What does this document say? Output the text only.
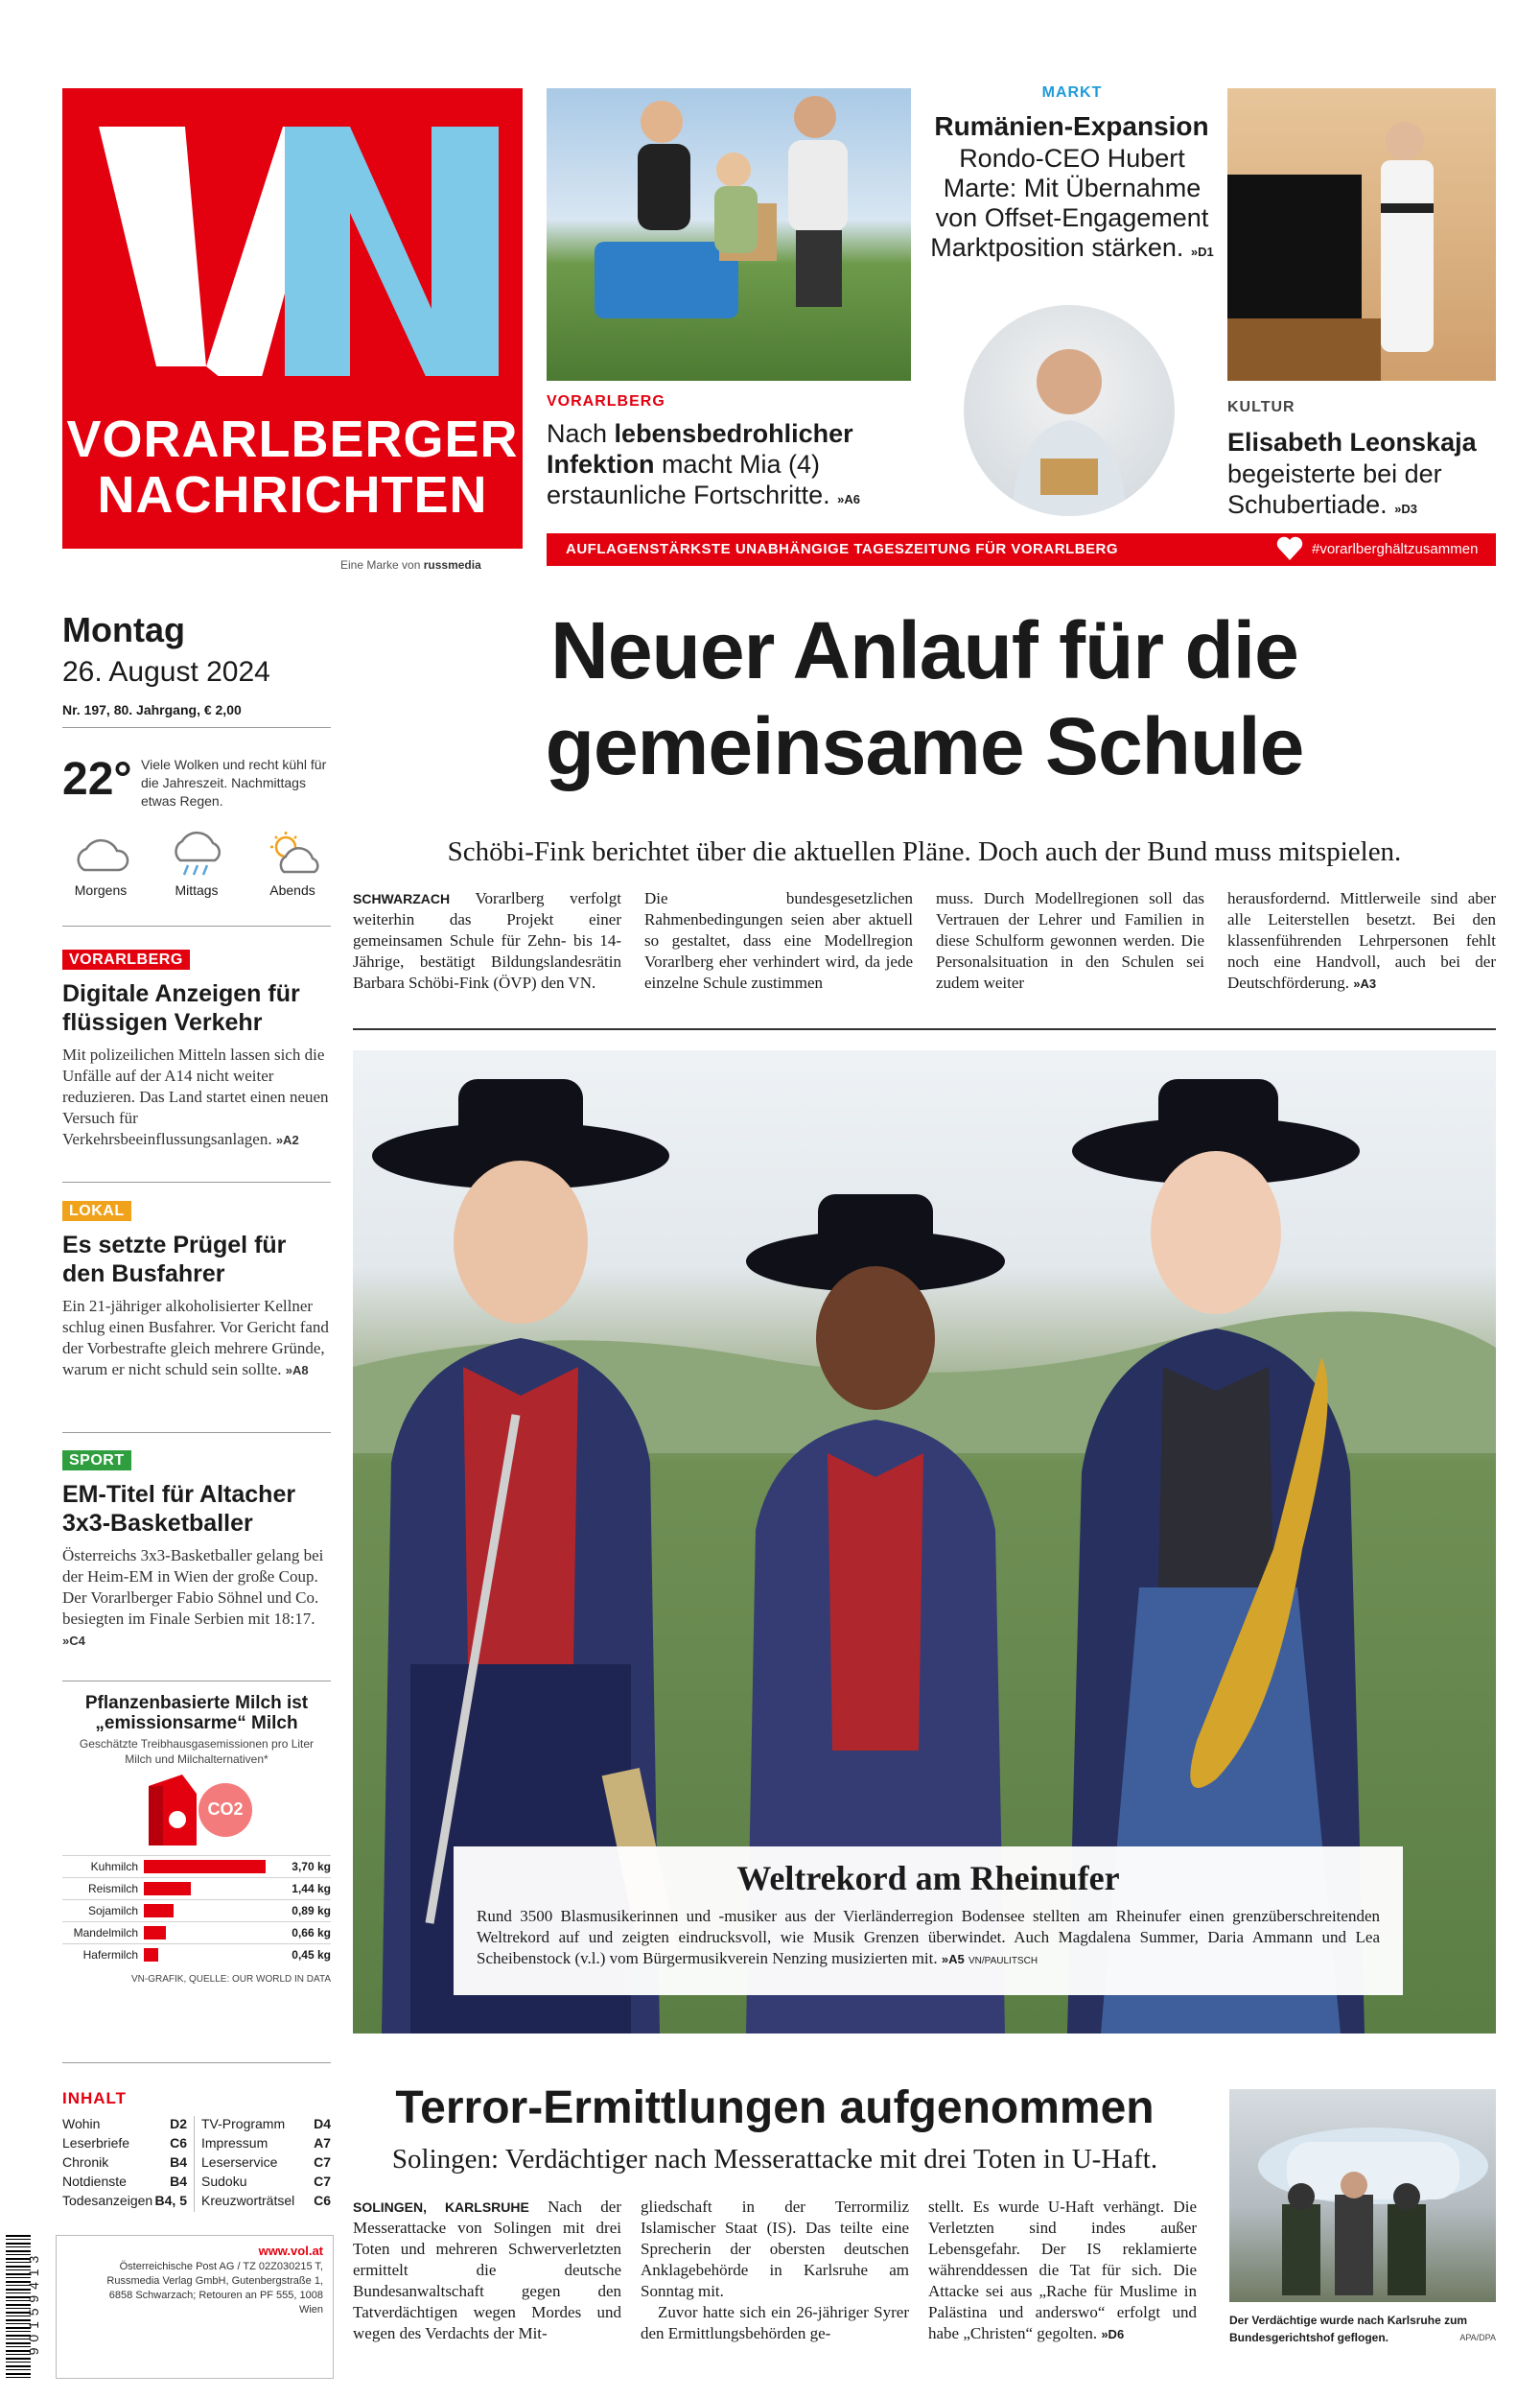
VORARLBERGER
NACHRICHTEN
Eine Marke von russmedia
VORARLBERG
Nach lebensbedrohlicher Infektion macht Mia (4) erstaunliche Fortschritte. »A6
MARKT
Rumänien-Expansion
Rondo-CEO Hubert Marte: Mit Übernahme von Offset-Engagement Marktposition stärken. »D1
KULTUR
Elisabeth Leonskaja
begeisterte bei der Schubertiade. »D3
AUFLAGENSTÄRKSTE UNABHÄNGIGE TAGESZEITUNG FÜR VORARLBERG	#vorarlberghältzusammen
Montag
26. August 2024
Nr. 197, 80. Jahrgang, € 2,00
22° Viele Wolken und recht kühl für die Jahreszeit. Nachmittags etwas Regen.
Morgens	Mittags	Abends
VORARLBERG
Digitale Anzeigen für flüssigen Verkehr
Mit polizeilichen Mitteln lassen sich die Unfälle auf der A14 nicht weiter reduzieren. Das Land startet einen neuen Versuch für Verkehrsbeeinflussungsanlagen. »A2
LOKAL
Es setzte Prügel für den Busfahrer
Ein 21-jähriger alkoholisierter Kellner schlug einen Busfahrer. Vor Gericht fand der Vorbestrafte gleich mehrere Gründe, warum er nicht schuld sein sollte. »A8
SPORT
EM-Titel für Altacher 3x3-Basketballer
Österreichs 3x3-Basketballer gelang bei der Heim-EM in Wien der große Coup. Der Vorarlberger Fabio Söhnel und Co. besiegten im Finale Serbien mit 18:17. »C4
Pflanzenbasierte Milch ist „emissionsarme“ Milch
Geschätzte Treibhausgasemissionen pro Liter Milch und Milchalternativen*
CO2
Kuhmilch	3,70 kg
Reismilch	1,44 kg
Sojamilch	0,89 kg
Mandelmilch	0,66 kg
Hafermilch	0,45 kg
VN-GRAFIK, QUELLE: OUR WORLD IN DATA
INHALT
Wohin	D2
Leserbriefe	C6
Chronik	B4
Notdienste	B4
Todesanzeigen B4, 5
TV-Programm D4
Impressum	A7
Leserservice	C7
Sudoku	C7
Kreuzworträtsel C6
9 0 1 5 9 4 1 3
www.vol.at
Österreichische Post AG / TZ 02Z030215 T, Russmedia Verlag GmbH, Gutenbergstraße 1, 6858 Schwarzach; Retouren an PF 555, 1008 Wien
Neuer Anlauf für die
gemeinsame Schule
Schöbi-Fink berichtet über die aktuellen Pläne. Doch auch der Bund muss mitspielen.
SCHWARZACH Vorarlberg verfolgt weiterhin das Projekt einer gemeinsamen Schule für Zehn- bis 14-Jährige, bestätigt Bildungslandesrätin Barbara Schöbi-Fink (ÖVP) den VN.
Die bundesgesetzlichen Rahmenbedingungen seien aber aktuell so gestaltet, dass eine Modellregion Vorarlberg eher verhindert wird, da jede einzelne Schule zustimmen
muss. Durch Modellregionen soll das Vertrauen der Lehrer und Familien in diese Schulform gewonnen werden. Die Personalsituation in den Schulen sei zudem weiter
herausfordernd. Mittlerweile sind aber alle Leiterstellen besetzt. Bei den klassenführenden Lehrpersonen fehlt noch eine Handvoll, auch bei der Deutschförderung. »A3
Weltrekord am Rheinufer
Rund 3500 Blasmusikerinnen und -musiker aus der Vierländerregion Bodensee stellten am Rheinufer einen grenzüberschreitenden Weltrekord auf und zeigten eindrucksvoll, wie Musik Grenzen überwindet. Auch Magdalena Summer, Daria Ammann und Lea Scheibenstock (v.l.) vom Bürgermusikverein Nenzing musizierten mit. »A5 VN/PAULITSCH
Terror-Ermittlungen aufgenommen
Solingen: Verdächtiger nach Messerattacke mit drei Toten in U-Haft.
SOLINGEN, KARLSRUHE Nach der Messerattacke von Solingen mit drei Toten und mehreren Schwerverletzten ermittelt die deutsche Bundesanwaltschaft gegen den Tatverdächtigen wegen Mordes und wegen des Verdachts der Mit-
gliedschaft in der Terrormiliz Islamischer Staat (IS). Das teilte eine Sprecherin der obersten deutschen Anklagebehörde in Karlsruhe am Sonntag mit.
Zuvor hatte sich ein 26-jähriger Syrer den Ermittlungsbehörden ge-
stellt. Es wurde U-Haft verhängt. Die Verletzten sind indes außer Lebensgefahr. Der IS reklamierte währenddessen die Tat für sich. Die Attacke sei aus „Rache für Muslime in Palästina und anderswo“ erfolgt und habe „Christen“ gegolten. »D6
Der Verdächtige wurde nach Karlsruhe zum Bundesgerichtshof geflogen.	APA/DPA
